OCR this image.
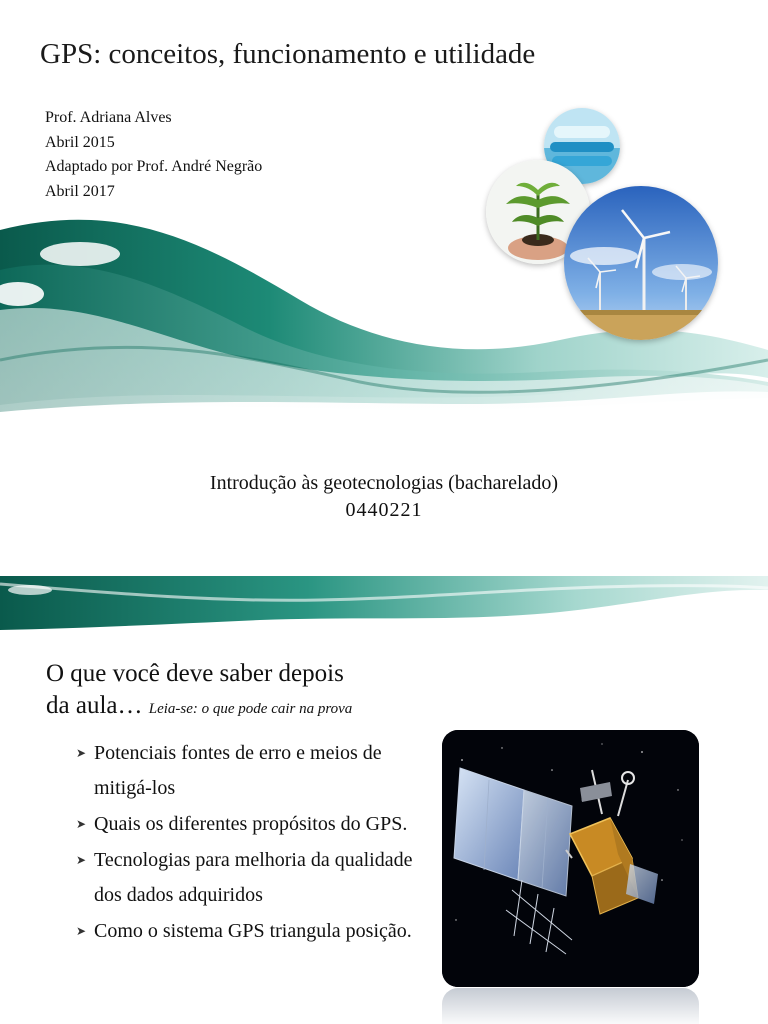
GPS: conceitos, funcionamento e utilidade
Prof. Adriana Alves
Abril 2015
Adaptado por Prof. André Negrão
Abril 2017
Introdução às geotecnologias (bacharelado)
0440221
O que você deve saber depois
da aula… Leia-se: o que pode cair na prova
➤ Potenciais fontes de erro e meios de mitigá-los
➤ Quais os diferentes propósitos do GPS.
➤ Tecnologias para melhoria da qualidade dos dados adquiridos
➤ Como o sistema GPS triangula posição.
